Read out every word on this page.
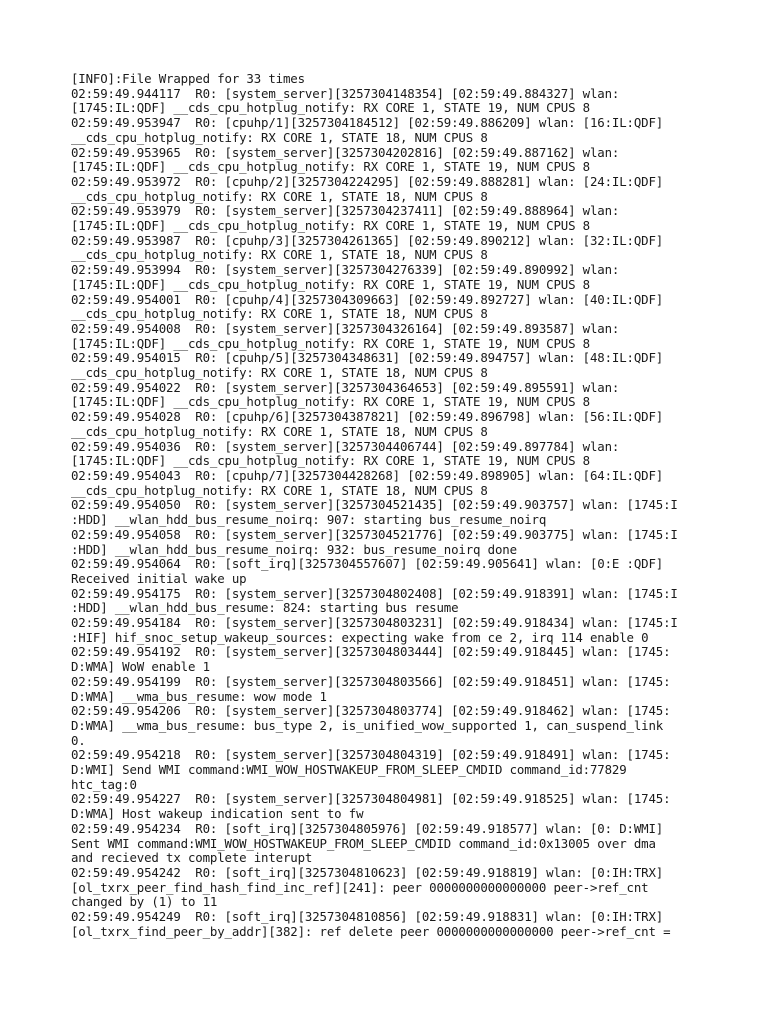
[INFO]:File Wrapped for 33 times
02:59:49.944117  R0: [system_server][3257304148354] [02:59:49.884327] wlan:
[1745:IL:QDF] __cds_cpu_hotplug_notify: RX CORE 1, STATE 19, NUM CPUS 8
02:59:49.953947  R0: [cpuhp/1][3257304184512] [02:59:49.886209] wlan: [16:IL:QDF]
__cds_cpu_hotplug_notify: RX CORE 1, STATE 18, NUM CPUS 8
02:59:49.953965  R0: [system_server][3257304202816] [02:59:49.887162] wlan:
[1745:IL:QDF] __cds_cpu_hotplug_notify: RX CORE 1, STATE 19, NUM CPUS 8
02:59:49.953972  R0: [cpuhp/2][3257304224295] [02:59:49.888281] wlan: [24:IL:QDF]
__cds_cpu_hotplug_notify: RX CORE 1, STATE 18, NUM CPUS 8
02:59:49.953979  R0: [system_server][3257304237411] [02:59:49.888964] wlan:
[1745:IL:QDF] __cds_cpu_hotplug_notify: RX CORE 1, STATE 19, NUM CPUS 8
02:59:49.953987  R0: [cpuhp/3][3257304261365] [02:59:49.890212] wlan: [32:IL:QDF]
__cds_cpu_hotplug_notify: RX CORE 1, STATE 18, NUM CPUS 8
02:59:49.953994  R0: [system_server][3257304276339] [02:59:49.890992] wlan:
[1745:IL:QDF] __cds_cpu_hotplug_notify: RX CORE 1, STATE 19, NUM CPUS 8
02:59:49.954001  R0: [cpuhp/4][3257304309663] [02:59:49.892727] wlan: [40:IL:QDF]
__cds_cpu_hotplug_notify: RX CORE 1, STATE 18, NUM CPUS 8
02:59:49.954008  R0: [system_server][3257304326164] [02:59:49.893587] wlan:
[1745:IL:QDF] __cds_cpu_hotplug_notify: RX CORE 1, STATE 19, NUM CPUS 8
02:59:49.954015  R0: [cpuhp/5][3257304348631] [02:59:49.894757] wlan: [48:IL:QDF]
__cds_cpu_hotplug_notify: RX CORE 1, STATE 18, NUM CPUS 8
02:59:49.954022  R0: [system_server][3257304364653] [02:59:49.895591] wlan:
[1745:IL:QDF] __cds_cpu_hotplug_notify: RX CORE 1, STATE 19, NUM CPUS 8
02:59:49.954028  R0: [cpuhp/6][3257304387821] [02:59:49.896798] wlan: [56:IL:QDF]
__cds_cpu_hotplug_notify: RX CORE 1, STATE 18, NUM CPUS 8
02:59:49.954036  R0: [system_server][3257304406744] [02:59:49.897784] wlan:
[1745:IL:QDF] __cds_cpu_hotplug_notify: RX CORE 1, STATE 19, NUM CPUS 8
02:59:49.954043  R0: [cpuhp/7][3257304428268] [02:59:49.898905] wlan: [64:IL:QDF]
__cds_cpu_hotplug_notify: RX CORE 1, STATE 18, NUM CPUS 8
02:59:49.954050  R0: [system_server][3257304521435] [02:59:49.903757] wlan: [1745:I
:HDD] __wlan_hdd_bus_resume_noirq: 907: starting bus_resume_noirq
02:59:49.954058  R0: [system_server][3257304521776] [02:59:49.903775] wlan: [1745:I
:HDD] __wlan_hdd_bus_resume_noirq: 932: bus_resume_noirq done
02:59:49.954064  R0: [soft_irq][3257304557607] [02:59:49.905641] wlan: [0:E :QDF]
Received initial wake up
02:59:49.954175  R0: [system_server][3257304802408] [02:59:49.918391] wlan: [1745:I
:HDD] __wlan_hdd_bus_resume: 824: starting bus resume
02:59:49.954184  R0: [system_server][3257304803231] [02:59:49.918434] wlan: [1745:I
:HIF] hif_snoc_setup_wakeup_sources: expecting wake from ce 2, irq 114 enable 0
02:59:49.954192  R0: [system_server][3257304803444] [02:59:49.918445] wlan: [1745:
D:WMA] WoW enable 1
02:59:49.954199  R0: [system_server][3257304803566] [02:59:49.918451] wlan: [1745:
D:WMA] __wma_bus_resume: wow mode 1
02:59:49.954206  R0: [system_server][3257304803774] [02:59:49.918462] wlan: [1745:
D:WMA] __wma_bus_resume: bus_type 2, is_unified_wow_supported 1, can_suspend_link
0.
02:59:49.954218  R0: [system_server][3257304804319] [02:59:49.918491] wlan: [1745:
D:WMI] Send WMI command:WMI_WOW_HOSTWAKEUP_FROM_SLEEP_CMDID command_id:77829
htc_tag:0
02:59:49.954227  R0: [system_server][3257304804981] [02:59:49.918525] wlan: [1745:
D:WMA] Host wakeup indication sent to fw
02:59:49.954234  R0: [soft_irq][3257304805976] [02:59:49.918577] wlan: [0: D:WMI]
Sent WMI command:WMI_WOW_HOSTWAKEUP_FROM_SLEEP_CMDID command_id:0x13005 over dma
and recieved tx complete interupt
02:59:49.954242  R0: [soft_irq][3257304810623] [02:59:49.918819] wlan: [0:IH:TRX]
[ol_txrx_peer_find_hash_find_inc_ref][241]: peer 0000000000000000 peer->ref_cnt
changed by (1) to 11
02:59:49.954249  R0: [soft_irq][3257304810856] [02:59:49.918831] wlan: [0:IH:TRX]
[ol_txrx_find_peer_by_addr][382]: ref delete peer 0000000000000000 peer->ref_cnt =
